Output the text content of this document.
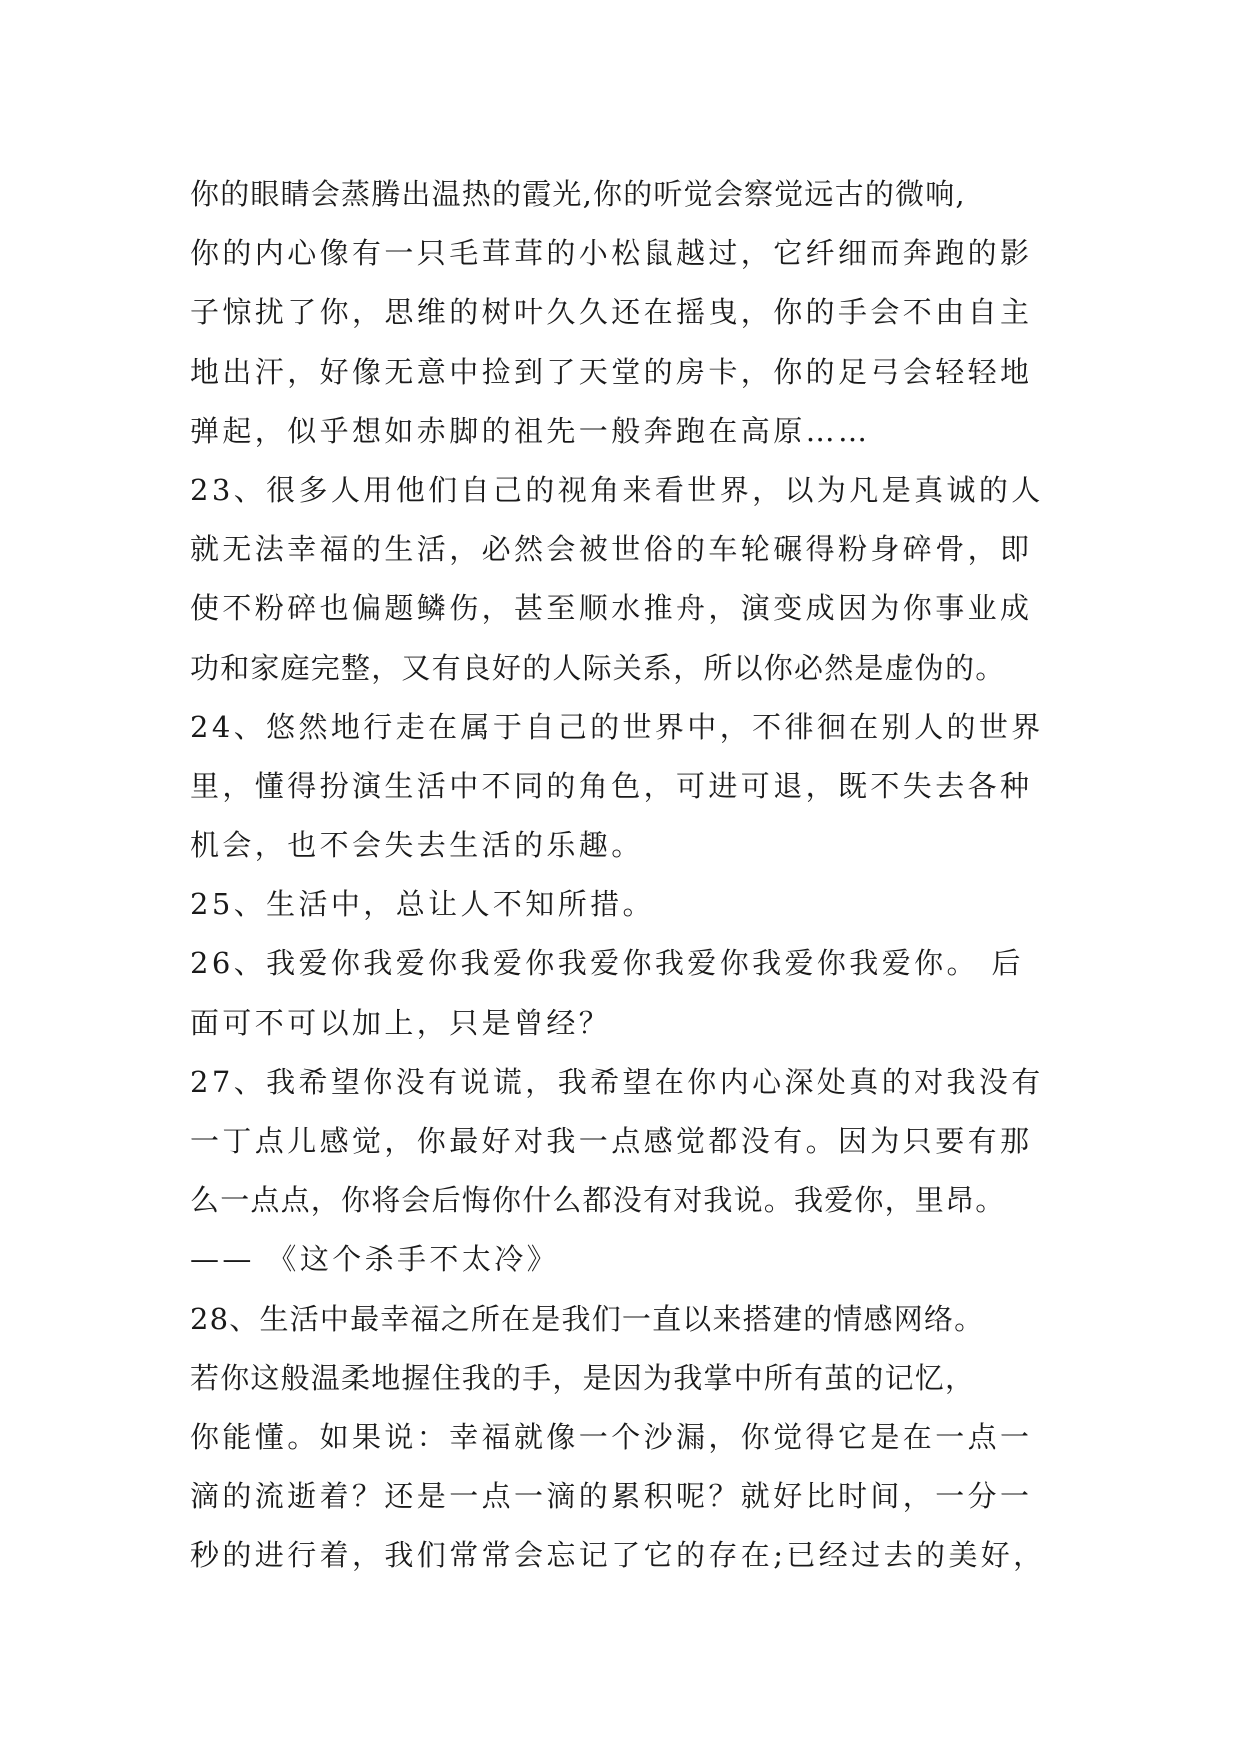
你的眼睛会蒸腾出温热的霞光,你的听觉会察觉远古的微响,
你的内心像有一只毛茸茸的小松鼠越过，它纤细而奔跑的影
子惊扰了你，思维的树叶久久还在摇曳，你的手会不由自主
地出汗，好像无意中捡到了天堂的房卡，你的足弓会轻轻地
弹起，似乎想如赤脚的祖先一般奔跑在高原……
23、很多人用他们自己的视角来看世界，以为凡是真诚的人
就无法幸福的生活，必然会被世俗的车轮碾得粉身碎骨，即
使不粉碎也偏题鳞伤，甚至顺水推舟，演变成因为你事业成
功和家庭完整，又有良好的人际关系，所以你必然是虚伪的。
24、悠然地行走在属于自己的世界中，不徘徊在别人的世界
里，懂得扮演生活中不同的角色，可进可退，既不失去各种
机会，也不会失去生活的乐趣。
25、生活中，总让人不知所措。
26、我爱你我爱你我爱你我爱你我爱你我爱你我爱你。 后
面可不可以加上，只是曾经？
27、我希望你没有说谎，我希望在你内心深处真的对我没有
一丁点儿感觉，你最好对我一点感觉都没有。因为只要有那
么一点点，你将会后悔你什么都没有对我说。我爱你，里昂。
—— 《这个杀手不太冷》
28、生活中最幸福之所在是我们一直以来搭建的情感网络。
若你这般温柔地握住我的手，是因为我掌中所有茧的记忆，
你能懂。如果说：幸福就像一个沙漏，你觉得它是在一点一
滴的流逝着？还是一点一滴的累积呢？就好比时间，一分一
秒的进行着，我们常常会忘记了它的存在;已经过去的美好，
